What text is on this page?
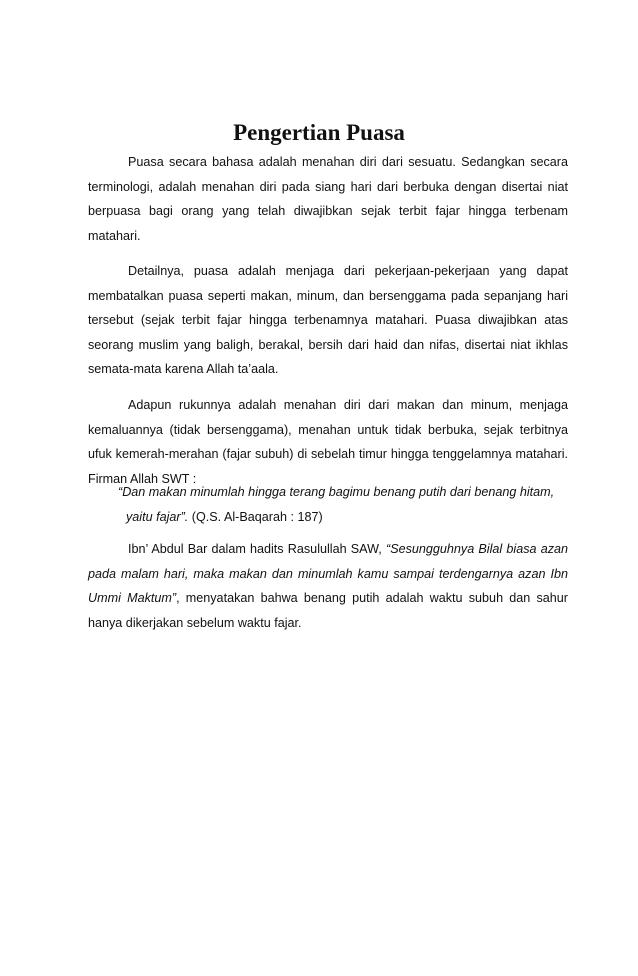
Pengertian Puasa

Puasa secara bahasa adalah menahan diri dari sesuatu. Sedangkan secara terminologi, adalah menahan diri pada siang hari dari berbuka dengan disertai niat berpuasa bagi orang yang telah diwajibkan sejak terbit fajar hingga terbenam matahari.

Detailnya, puasa adalah menjaga dari pekerjaan-pekerjaan yang dapat membatalkan puasa seperti makan, minum, dan bersenggama pada sepanjang hari tersebut (sejak terbit fajar hingga terbenamnya matahari. Puasa diwajibkan atas seorang muslim yang baligh, berakal, bersih dari haid dan nifas, disertai niat ikhlas semata-mata karena Allah ta’aala.

Adapun rukunnya adalah menahan diri dari makan dan minum, menjaga kemaluannya (tidak bersenggama), menahan untuk tidak berbuka, sejak terbitnya ufuk kemerah-merahan (fajar subuh) di sebelah timur hingga tenggelamnya matahari. Firman Allah SWT :

“Dan makan minumlah hingga terang bagimu benang putih dari benang hitam,
yaitu fajar”. (Q.S. Al-Baqarah : 187)

Ibn’ Abdul Bar dalam hadits Rasulullah SAW, “Sesungguhnya Bilal biasa azan pada malam hari, maka makan dan minumlah kamu sampai terdengarnya azan Ibn Ummi Maktum”, menyatakan bahwa benang putih adalah waktu subuh dan sahur hanya dikerjakan sebelum waktu fajar.
